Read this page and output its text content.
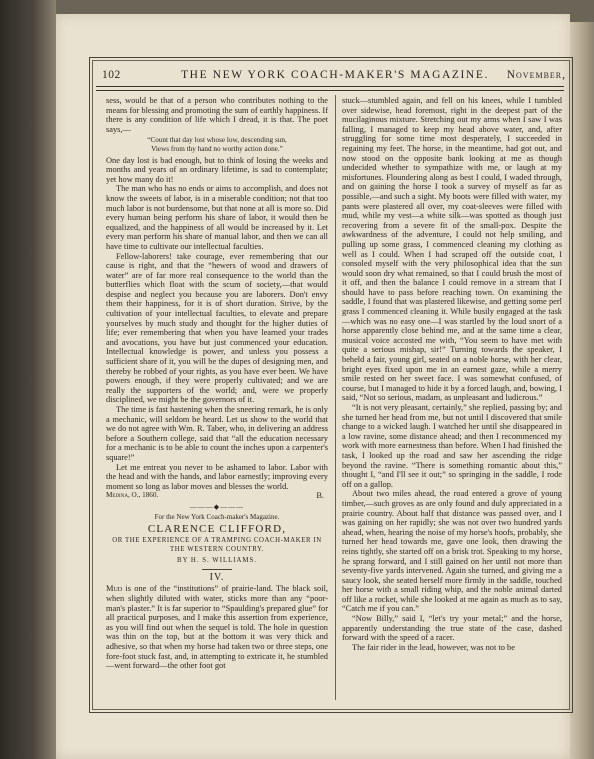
102	THE NEW YORK COACH-MAKER'S MAGAZINE.	November,

sess, would be that of a person who contributes nothing to the means for blessing and promoting the sum of earthly happiness. If there is any condition of life which I dread, it is that. The poet says,—

“Count that day lost whose low, descending sun,
Views from thy hand no worthy action done.”

One day lost is bad enough, but to think of losing the weeks and months and years of an ordinary lifetime, is sad to contemplate; yet how many do it!

The man who has no ends or aims to accomplish, and does not know the sweets of labor, is in a miserable condition; not that too much labor is not burdensome, but that none at all is more so. Did every human being perform his share of labor, it would then be equalized, and the happiness of all would be increased by it. Let every man perform his share of manual labor, and then we can all have time to cultivate our intellectual faculties.

Fellow-laborers! take courage, ever remembering that our cause is right, and that the “hewers of wood and drawers of water” are of far more real consequence to the world than the butterflies which float with the scum of society,—that would despise and neglect you because you are laborers. Don't envy them their happiness, for it is of short duration. Strive, by the cultivation of your intellectual faculties, to elevate and prepare yourselves by much study and thought for the higher duties of life; ever remembering that when you have learned your trades and avocations, you have but just commenced your education. Intellectual knowledge is power, and unless you possess a sufficient share of it, you will be the dupes of designing men, and thereby be robbed of your rights, as you have ever been. We have powers enough, if they were properly cultivated; and we are really the supporters of the world; and, were we properly disciplined, we might be the governors of it.

The time is fast hastening when the sneering remark, he is only a mechanic, will seldom be heard. Let us show to the world that we do not agree with Wm. R. Taber, who, in delivering an address before a Southern college, said that “all the education necessary for a mechanic is to be able to count the inches upon a carpenter's square!”

Let me entreat you never to be ashamed to labor. Labor with the head and with the hands, and labor earnestly; improving every moment so long as labor moves and blesses the world.

Medina, O., 1860.	B.
———◆———
For the New York Coach-maker's Magazine.
CLARENCE CLIFFORD,
OR THE EXPERIENCE OF A TRAMPING COACH-MAKER IN THE WESTERN COUNTRY.
BY H. S. WILLIAMS.
IV.

Mud is one of the “institutions” of prairie-land. The black soil, when slightly diluted with water, sticks more than any “poor-man's plaster.” It is far superior to “Spaulding's prepared glue” for all practical purposes, and I make this assertion from experience, as you will find out when the sequel is told. The hole in question was thin on the top, but at the bottom it was very thick and adhesive, so that when my horse had taken two or three steps, one fore-foot stuck fast, and, in attempting to extricate it, he stumbled—went forward—the other foot got

stuck—stumbled again, and fell on his knees, while I tumbled over sidewise, head foremost, right in the deepest part of the mucilaginous mixture. Stretching out my arms when I saw I was falling, I managed to keep my head above water, and, after struggling for some time most desperately, I succeeded in regaining my feet. The horse, in the meantime, had got out, and now stood on the opposite bank looking at me as though undecided whether to sympathize with me, or laugh at my misfortunes. Floundering along as best I could, I waded through, and on gaining the horse I took a survey of myself as far as possible,—and such a sight. My boots were filled with water, my pants were plastered all over, my coat-sleeves were filled with mud, while my vest—a white silk—was spotted as though just recovering from a severe fit of the small-pox. Despite the awkwardness of the adventure, I could not help smiling, and pulling up some grass, I commenced cleaning my clothing as well as I could. When I had scraped off the outside coat, I consoled myself with the very philosophical idea that the sun would soon dry what remained, so that I could brush the most of it off, and then the balance I could remove in a stream that I should have to pass before reaching town. On examining the saddle, I found that was plastered likewise, and getting some perl grass I commenced cleaning it. While busily engaged at the task—which was no easy one—I was startled by the loud snort of a horse apparently close behind me, and at the same time a clear, musical voice accosted me with, “You seem to have met with quite a serious mishap, sir!” Turning towards the speaker, I beheld a fair, young girl, seated on a noble horse, with her clear, bright eyes fixed upon me in an earnest gaze, while a merry smile rested on her sweet face. I was somewhat confused, of course, but I managed to hide it by a forced laugh, and, bowing, I said, “Not so serious, madam, as unpleasant and ludicrous.”

“It is not very pleasant, certainly,” she replied, passing by; and she turned her head from me, but not until I discovered that smile change to a wicked laugh. I watched her until she disappeared in a low ravine, some distance ahead; and then I recommenced my work with more earnestness than before. When I had finished the task, I looked up the road and saw her ascending the ridge beyond the ravine. “There is something romantic about this,” thought I, “and I'll see it out;” so springing in the saddle, I rode off on a gallop.

About two miles ahead, the road entered a grove of young timber,—such groves as are only found and duly appreciated in a prairie country. About half that distance was passed over, and I was gaining on her rapidly; she was not over two hundred yards ahead, when, hearing the noise of my horse's hoofs, probably, she turned her head towards me, gave one look, then drawing the reins tightly, she started off on a brisk trot. Speaking to my horse, he sprang forward, and I still gained on her until not more than seventy-five yards intervened. Again she turned, and giving me a saucy look, she seated herself more firmly in the saddle, touched her horse with a small riding whip, and the noble animal darted off like a rocket, while she looked at me again as much as to say, “Catch me if you can.”

“Now Billy,” said I, “let's try your metal;” and the horse, apparently understanding the true state of the case, dashed forward with the speed of a racer.

The fair rider in the lead, however, was not to be
